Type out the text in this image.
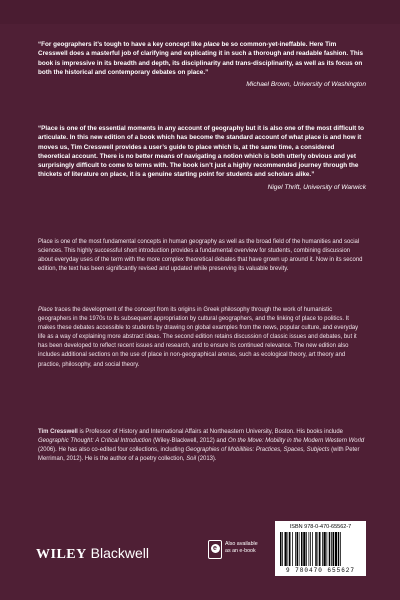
“For geographers it’s tough to have a key concept like place be so common-yet-ineffable. Here Tim Cresswell does a masterful job of clarifying and explicating it in such a thorough and readable fashion. This book is impressive in its breadth and depth, its disciplinarity and trans-disciplinarity, as well as its focus on both the historical and contemporary debates on place.”
Michael Brown, University of Washington
“Place is one of the essential moments in any account of geography but it is also one of the most difficult to articulate. In this new edition of a book which has become the standard account of what place is and how it moves us, Tim Cresswell provides a user’s guide to place which is, at the same time, a considered theoretical account. There is no better means of navigating a notion which is both utterly obvious and yet surprisingly difficult to come to terms with. The book isn’t just a highly recommended journey through the thickets of literature on place, it is a genuine starting point for students and scholars alike.”
Nigel Thrift, University of Warwick
Place is one of the most fundamental concepts in human geography as well as the broad field of the humanities and social sciences. This highly successful short introduction provides a fundamental overview for students, combining discussion about everyday uses of the term with the more complex theoretical debates that have grown up around it. Now in its second edition, the text has been significantly revised and updated while preserving its valuable brevity.
Place traces the development of the concept from its origins in Greek philosophy through the work of humanistic geographers in the 1970s to its subsequent appropriation by cultural geographers, and the linking of place to politics. It makes these debates accessible to students by drawing on global examples from the news, popular culture, and everyday life as a way of explaining more abstract ideas. The second edition retains discussion of classic issues and debates, but it has been developed to reflect recent issues and research, and to ensure its continued relevance. The new edition also includes additional sections on the use of place in non-geographical arenas, such as ecological theory, art theory and practice, philosophy, and social theory.
Tim Cresswell is Professor of History and International Affairs at Northeastern University, Boston. His books include Geographic Thought: A Critical Introduction (Wiley-Blackwell, 2012) and On the Move: Mobility in the Modern Western World (2006). He has also co-edited four collections, including Geographies of Mobilities: Practices, Spaces, Subjects (with Peter Merriman, 2012). He is the author of a poetry collection, Soil (2013).
WILEY Blackwell	e
Also available
as an e-book
ISBN 978-0-470-65562-7
9 780470 655627
